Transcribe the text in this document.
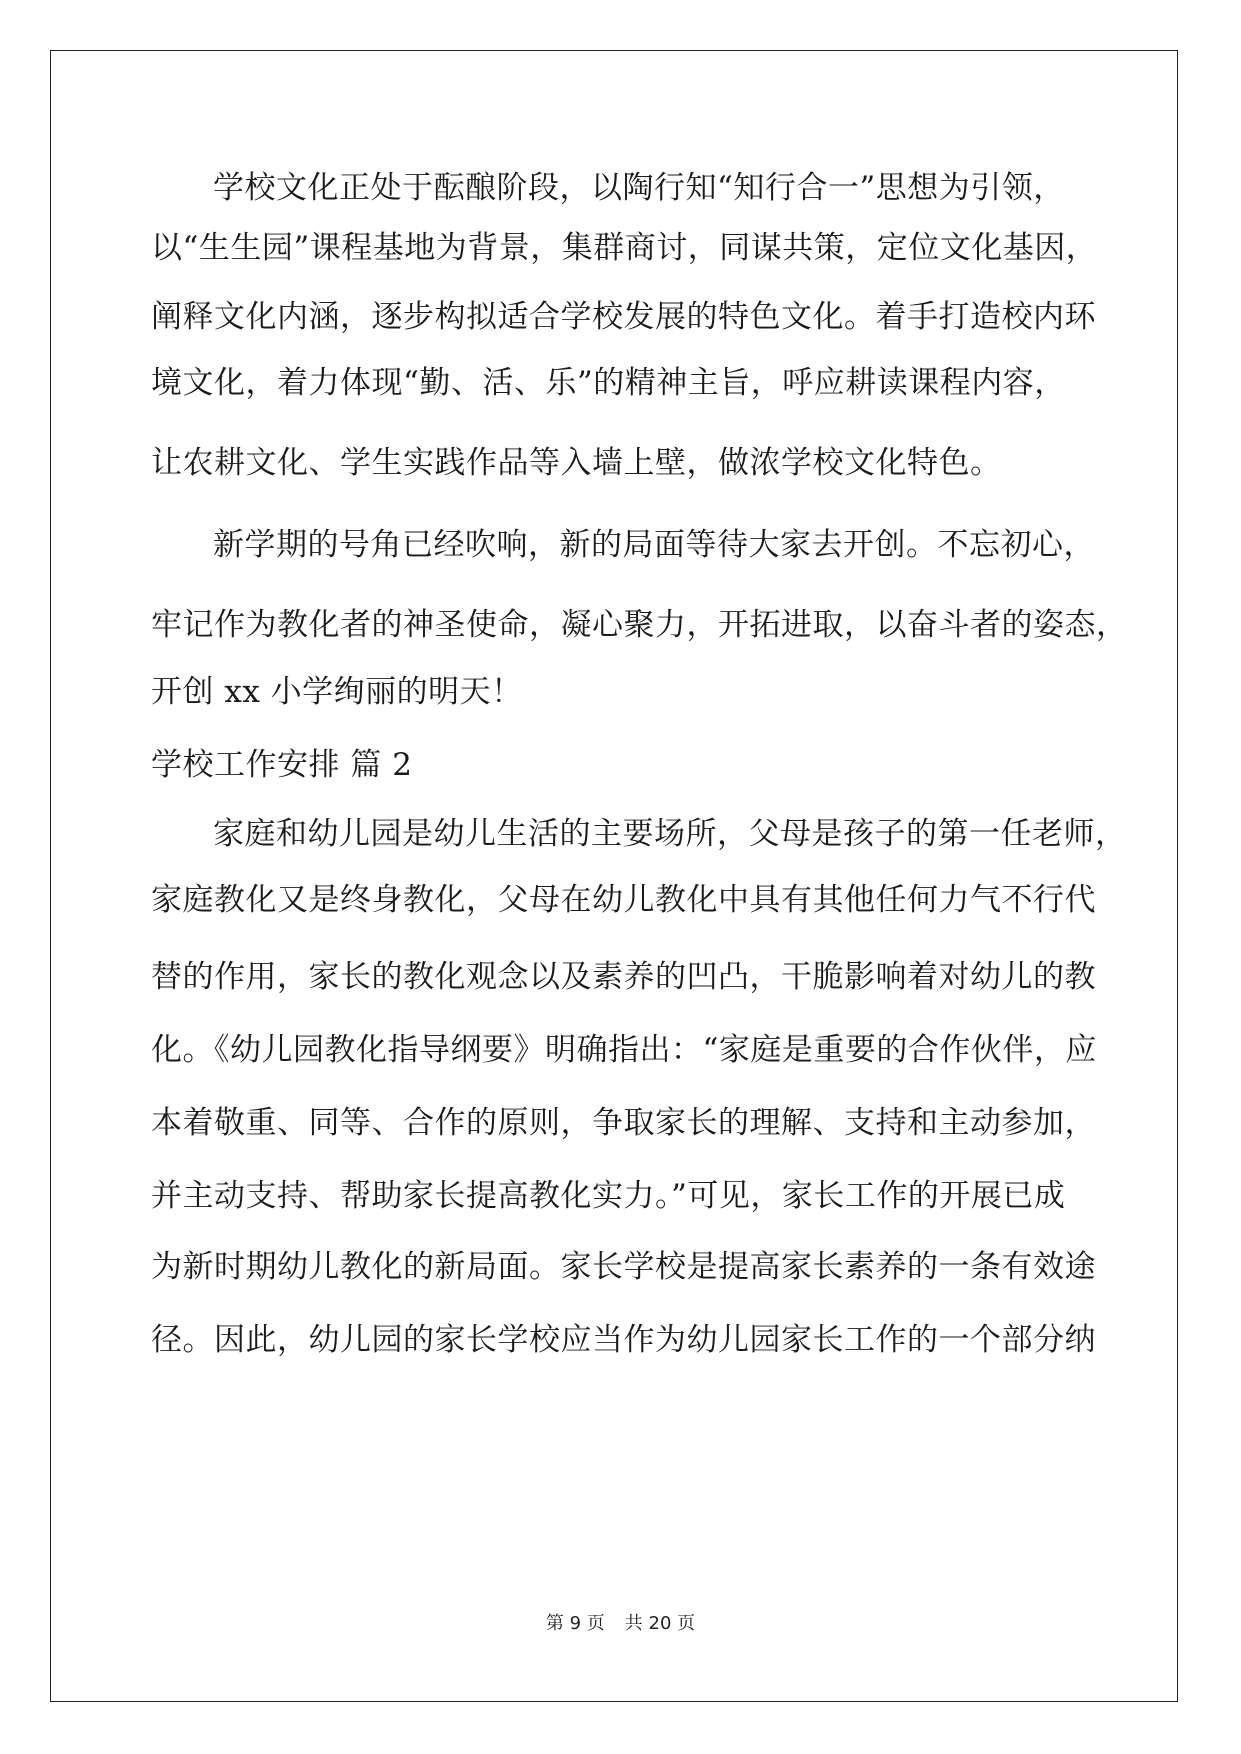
学校文化正处于酝酿阶段，以陶行知“知行合一”思想为引领，
以“生生园”课程基地为背景，集群商讨，同谋共策，定位文化基因，
阐释文化内涵，逐步构拟适合学校发展的特色文化。着手打造校内环
境文化，着力体现“勤、活、乐”的精神主旨，呼应耕读课程内容，
让农耕文化、学生实践作品等入墙上壁，做浓学校文化特色。
新学期的号角已经吹响，新的局面等待大家去开创。不忘初心，
牢记作为教化者的神圣使命，凝心聚力，开拓进取，以奋斗者的姿态，
开创 xx 小学绚丽的明天！
学校工作安排 篇 2
家庭和幼儿园是幼儿生活的主要场所，父母是孩子的第一任老师，
家庭教化又是终身教化，父母在幼儿教化中具有其他任何力气不行代
替的作用，家长的教化观念以及素养的凹凸，干脆影响着对幼儿的教
化。《幼儿园教化指导纲要》明确指出：“家庭是重要的合作伙伴，应
本着敬重、同等、合作的原则，争取家长的理解、支持和主动参加，
并主动支持、帮助家长提高教化实力。”可见，家长工作的开展已成
为新时期幼儿教化的新局面。家长学校是提高家长素养的一条有效途
径。因此，幼儿园的家长学校应当作为幼儿园家长工作的一个部分纳
第 9 页 共 20 页
